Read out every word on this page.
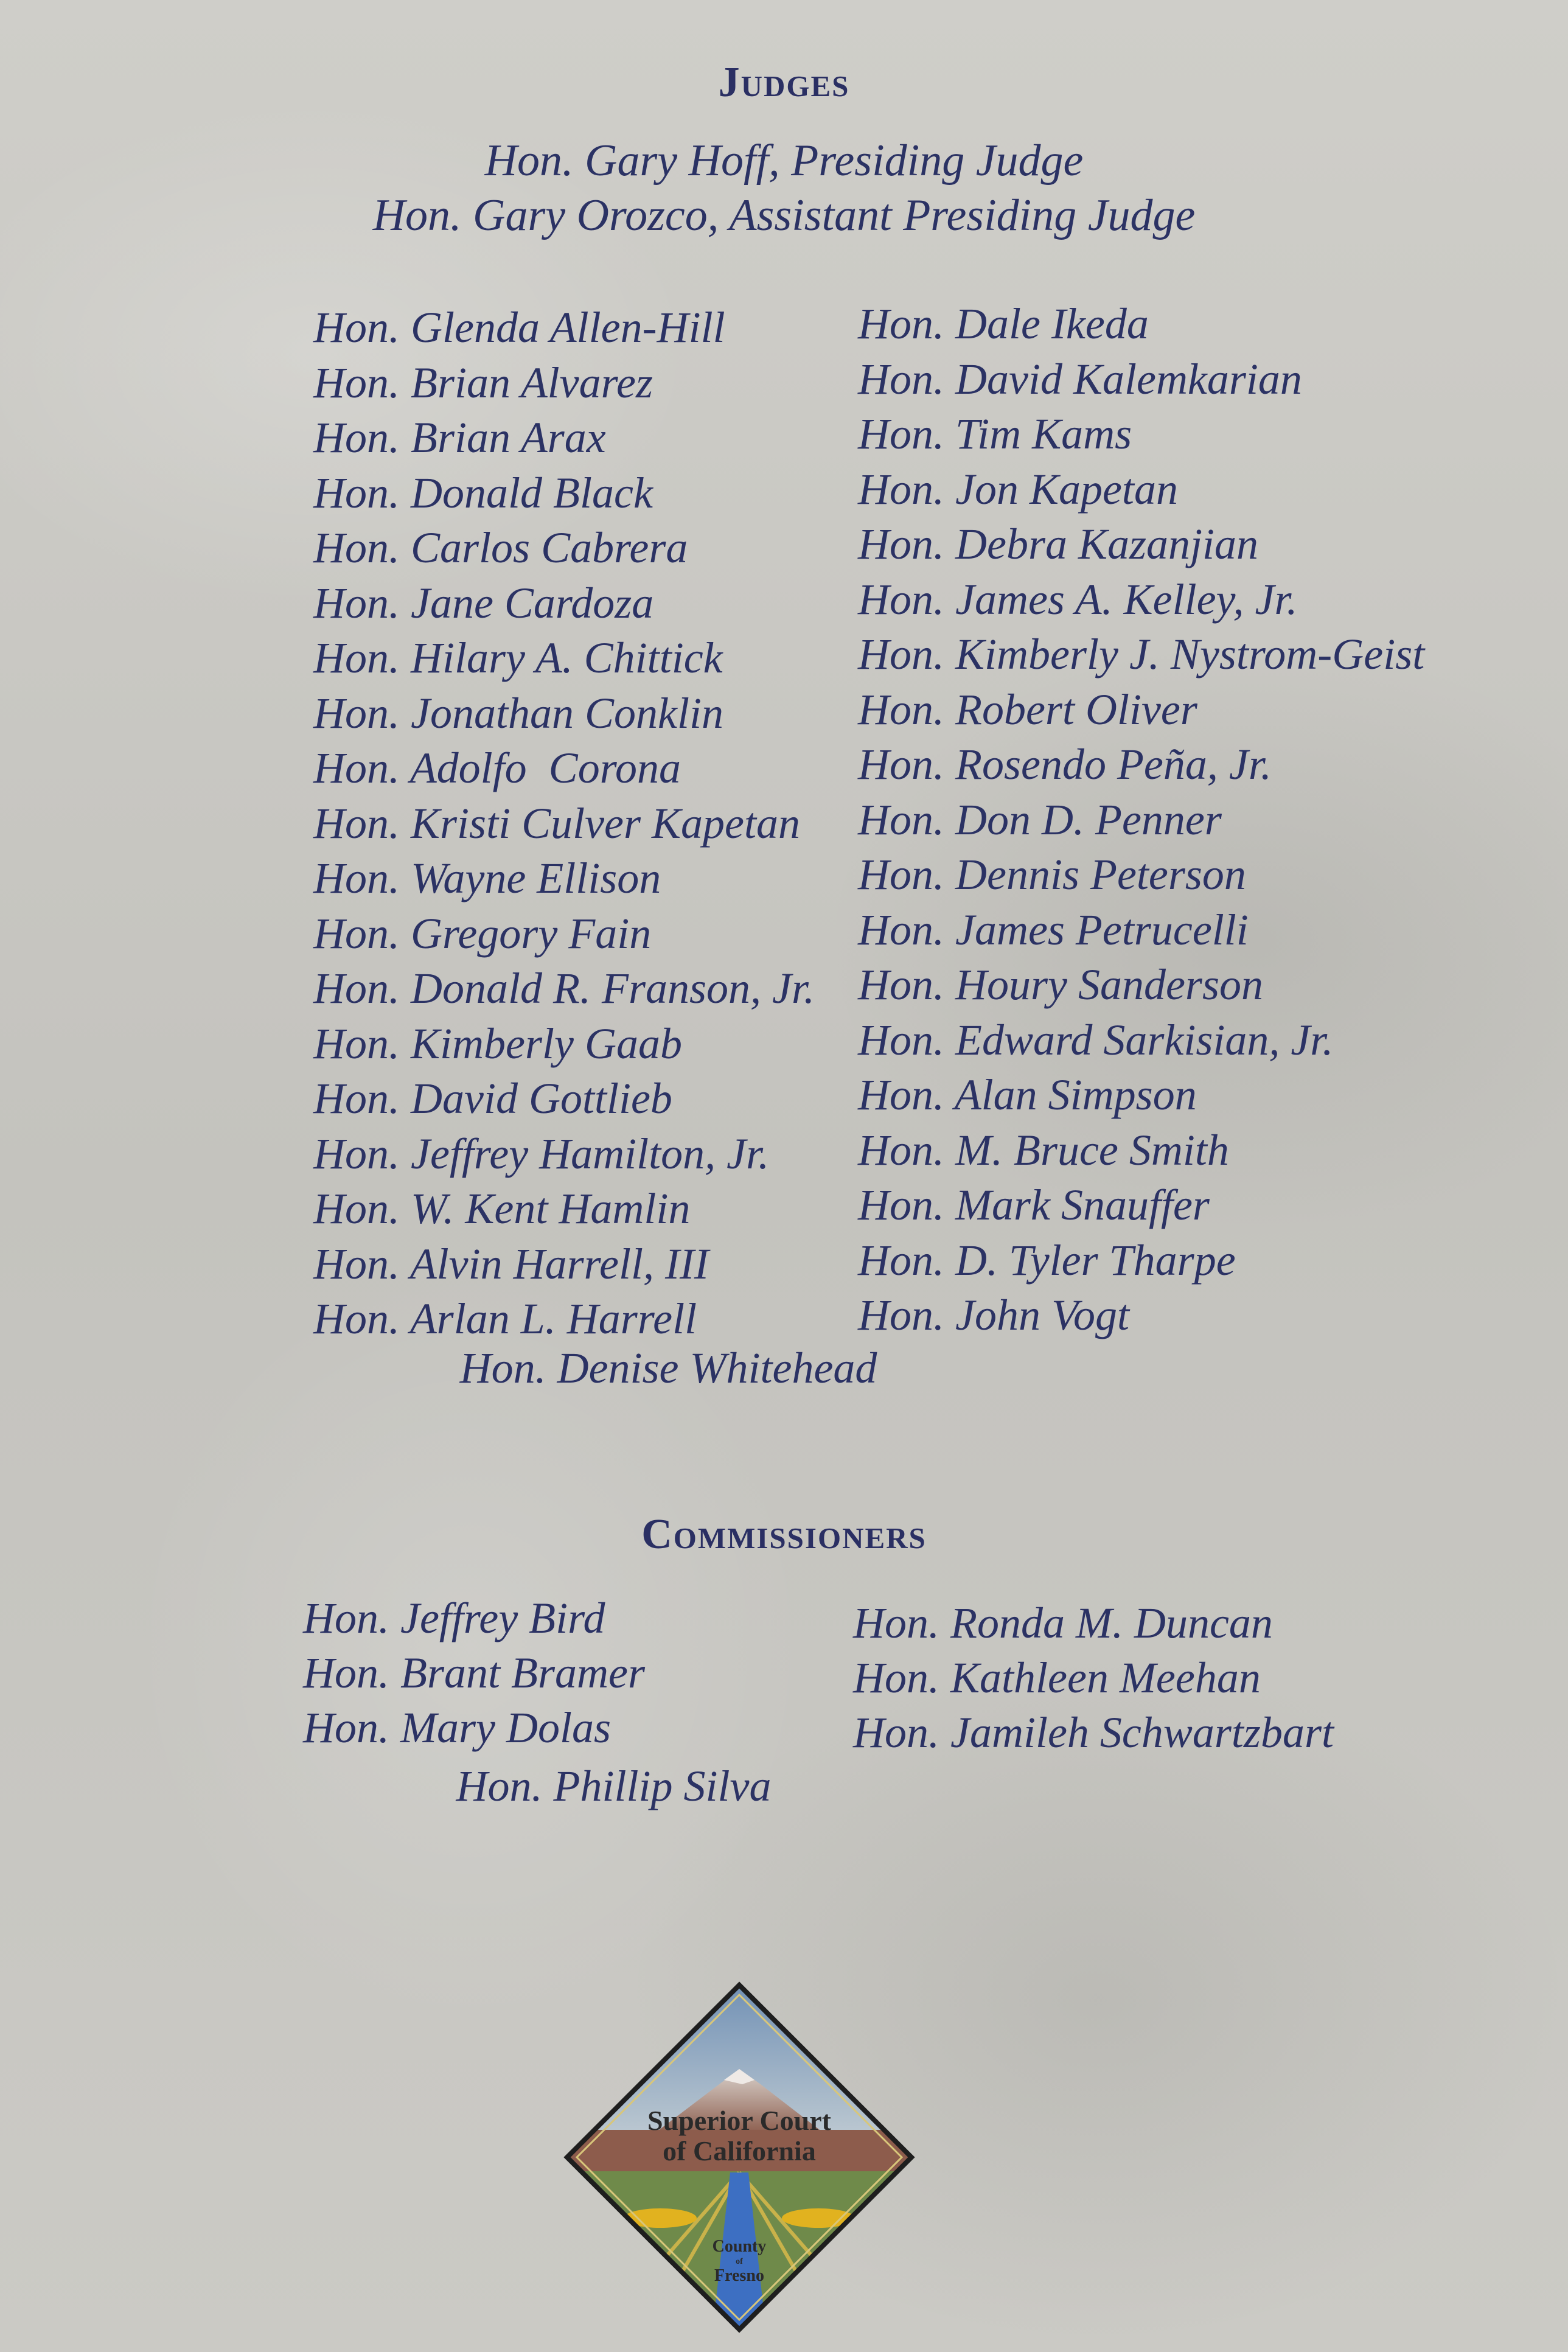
Judges
Hon. Gary Hoff, Presiding Judge
Hon. Gary Orozco, Assistant Presiding Judge
Hon. Glenda Allen-Hill
Hon. Brian Alvarez
Hon. Brian Arax
Hon. Donald Black
Hon. Carlos Cabrera
Hon. Jane Cardoza
Hon. Hilary A. Chittick
Hon. Jonathan Conklin
Hon. Adolfo  Corona
Hon. Kristi Culver Kapetan
Hon. Wayne Ellison
Hon. Gregory Fain
Hon. Donald R. Franson, Jr.
Hon. Kimberly Gaab
Hon. David Gottlieb
Hon. Jeffrey Hamilton, Jr.
Hon. W. Kent Hamlin
Hon. Alvin Harrell, III
Hon. Arlan L. Harrell
Hon. Dale Ikeda
Hon. David Kalemkarian
Hon. Tim Kams
Hon. Jon Kapetan
Hon. Debra Kazanjian
Hon. James A. Kelley, Jr.
Hon. Kimberly J. Nystrom-Geist
Hon. Robert Oliver
Hon. Rosendo Peña, Jr.
Hon. Don D. Penner
Hon. Dennis Peterson
Hon. James Petrucelli
Hon. Houry Sanderson
Hon. Edward Sarkisian, Jr.
Hon. Alan Simpson
Hon. M. Bruce Smith
Hon. Mark Snauffer
Hon. D. Tyler Tharpe
Hon. John Vogt
Hon. Denise Whitehead
Commissioners
Hon. Jeffrey Bird
Hon. Brant Bramer
Hon. Mary Dolas
Hon. Ronda M. Duncan
Hon. Kathleen Meehan
Hon. Jamileh Schwartzbart
Hon. Phillip Silva
Superior Court
of California
County
of
Fresno
